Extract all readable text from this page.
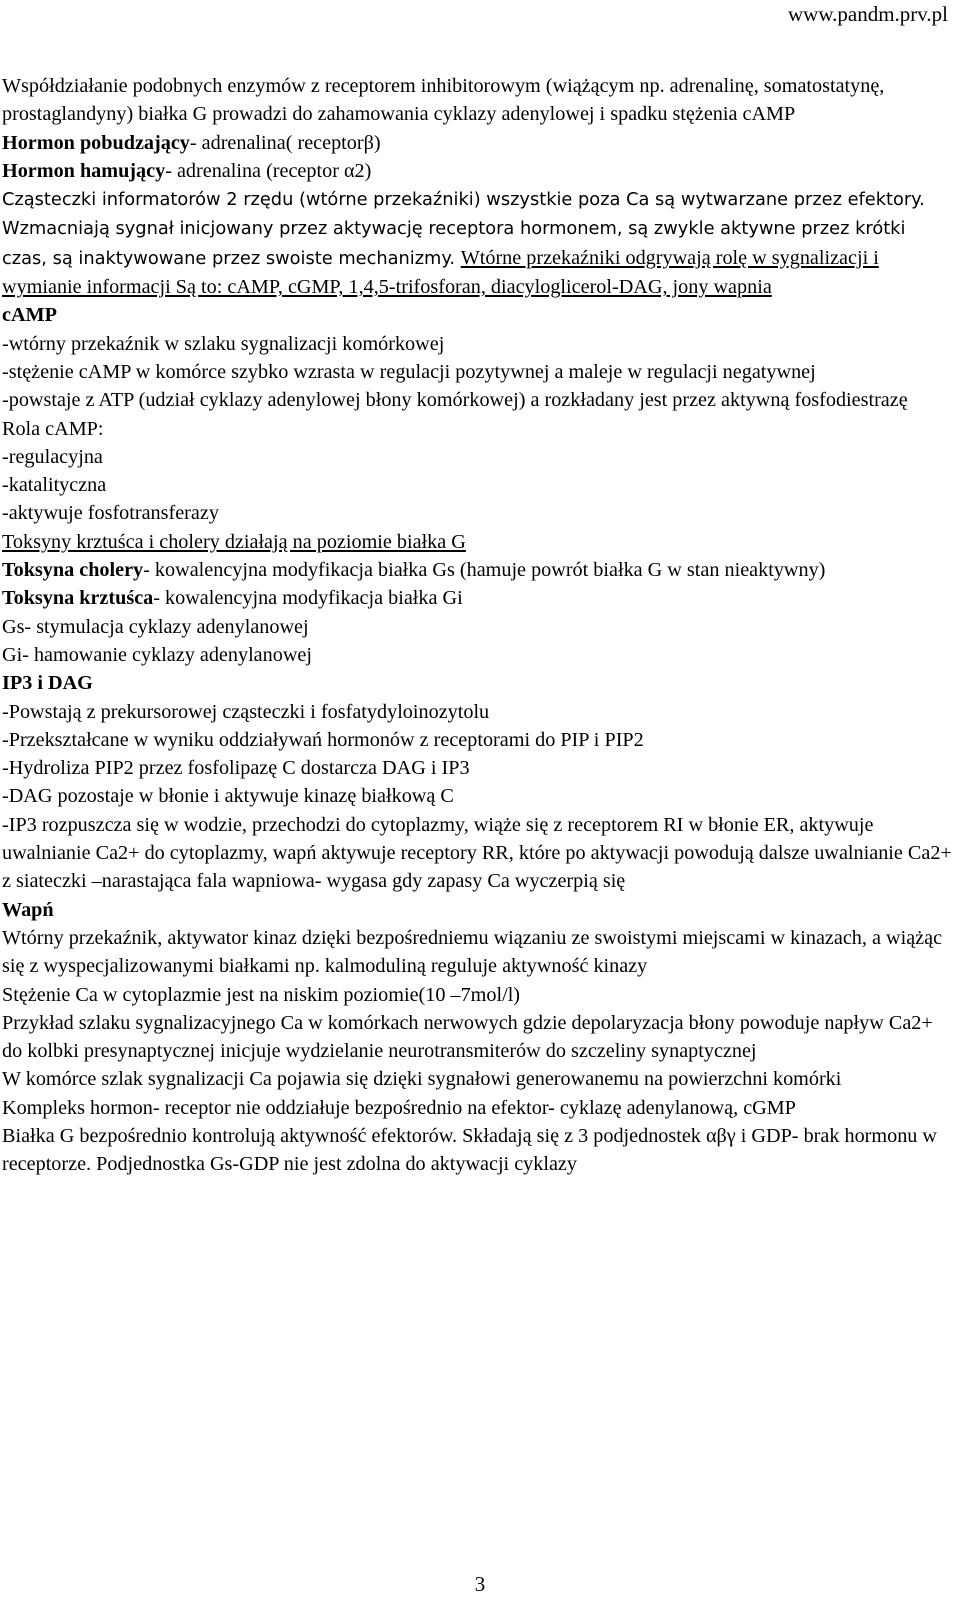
www.pandm.prv.pl

Współdziałanie podobnych enzymów z receptorem inhibitorowym (wiążącym np. adrenalinę, somatostatynę, prostaglandyny) białka G prowadzi do zahamowania cyklazy adenylowej i spadku stężenia cAMP

Hormon pobudzający- adrenalina( receptorβ)

Hormon hamujący- adrenalina (receptor α2)

Cząsteczki informatorów 2 rzędu (wtórne przekaźniki) wszystkie poza Ca są wytwarzane przez efektory. Wzmacniają sygnał inicjowany przez aktywację receptora hormonem, są zwykle aktywne przez krótki czas, są inaktywowane przez swoiste mechanizmy. Wtórne przekaźniki odgrywają rolę w sygnalizacji i wymianie informacji Są to: cAMP, cGMP, 1,4,5-trifosforan, diacyloglicerol-DAG, jony wapnia

cAMP

-wtórny przekaźnik w szlaku sygnalizacji komórkowej

-stężenie cAMP w komórce szybko wzrasta w regulacji pozytywnej a maleje w regulacji negatywnej

-powstaje z ATP (udział cyklazy adenylowej błony komórkowej) a rozkładany jest przez aktywną fosfodiestrazę

Rola cAMP:

-regulacyjna

-katalityczna

-aktywuje fosfotransferazy

Toksyny krztuśca i cholery działają na poziomie białka G

Toksyna cholery- kowalencyjna modyfikacja białka Gs (hamuje powrót białka G w stan nieaktywny)

Toksyna krztuśca- kowalencyjna modyfikacja białka Gi

Gs- stymulacja cyklazy adenylanowej

Gi- hamowanie cyklazy adenylanowej

IP3 i DAG

-Powstają z prekursorowej cząsteczki i fosfatydyloinozytolu

-Przekształcane w wyniku oddziaływań hormonów z receptorami do PIP i PIP2

-Hydroliza PIP2 przez fosfolipazę C dostarcza DAG i IP3

-DAG pozostaje w błonie i aktywuje kinazę białkową C

-IP3 rozpuszcza się w wodzie, przechodzi do cytoplazmy, wiąże się z receptorem RI w błonie ER, aktywuje uwalnianie Ca2+ do cytoplazmy, wapń aktywuje receptory RR, które po aktywacji powodują dalsze uwalnianie Ca2+ z siateczki –narastająca fala wapniowa- wygasa gdy zapasy Ca wyczerpią się

Wapń

Wtórny przekaźnik, aktywator kinaz dzięki bezpośredniemu wiązaniu ze swoistymi miejscami w kinazach, a wiążąc się z wyspecjalizowanymi białkami np. kalmoduliną reguluje aktywność kinazy

Stężenie Ca w cytoplazmie jest na niskim poziomie(10 –7mol/l)

Przykład szlaku sygnalizacyjnego Ca w komórkach nerwowych gdzie depolaryzacja błony powoduje napływ Ca2+ do kolbki presynaptycznej inicjuje wydzielanie neurotransmiterów do szczeliny synaptycznej

W komórce szlak sygnalizacji Ca pojawia się dzięki sygnałowi generowanemu na powierzchni komórki

Kompleks hormon- receptor nie oddziałuje bezpośrednio na efektor- cyklazę adenylanową, cGMP

Białka G bezpośrednio kontrolują aktywność efektorów. Składają się z 3 podjednostek αβγ i GDP- brak hormonu w receptorze. Podjednostka Gs-GDP nie jest zdolna do aktywacji cyklazy

3
